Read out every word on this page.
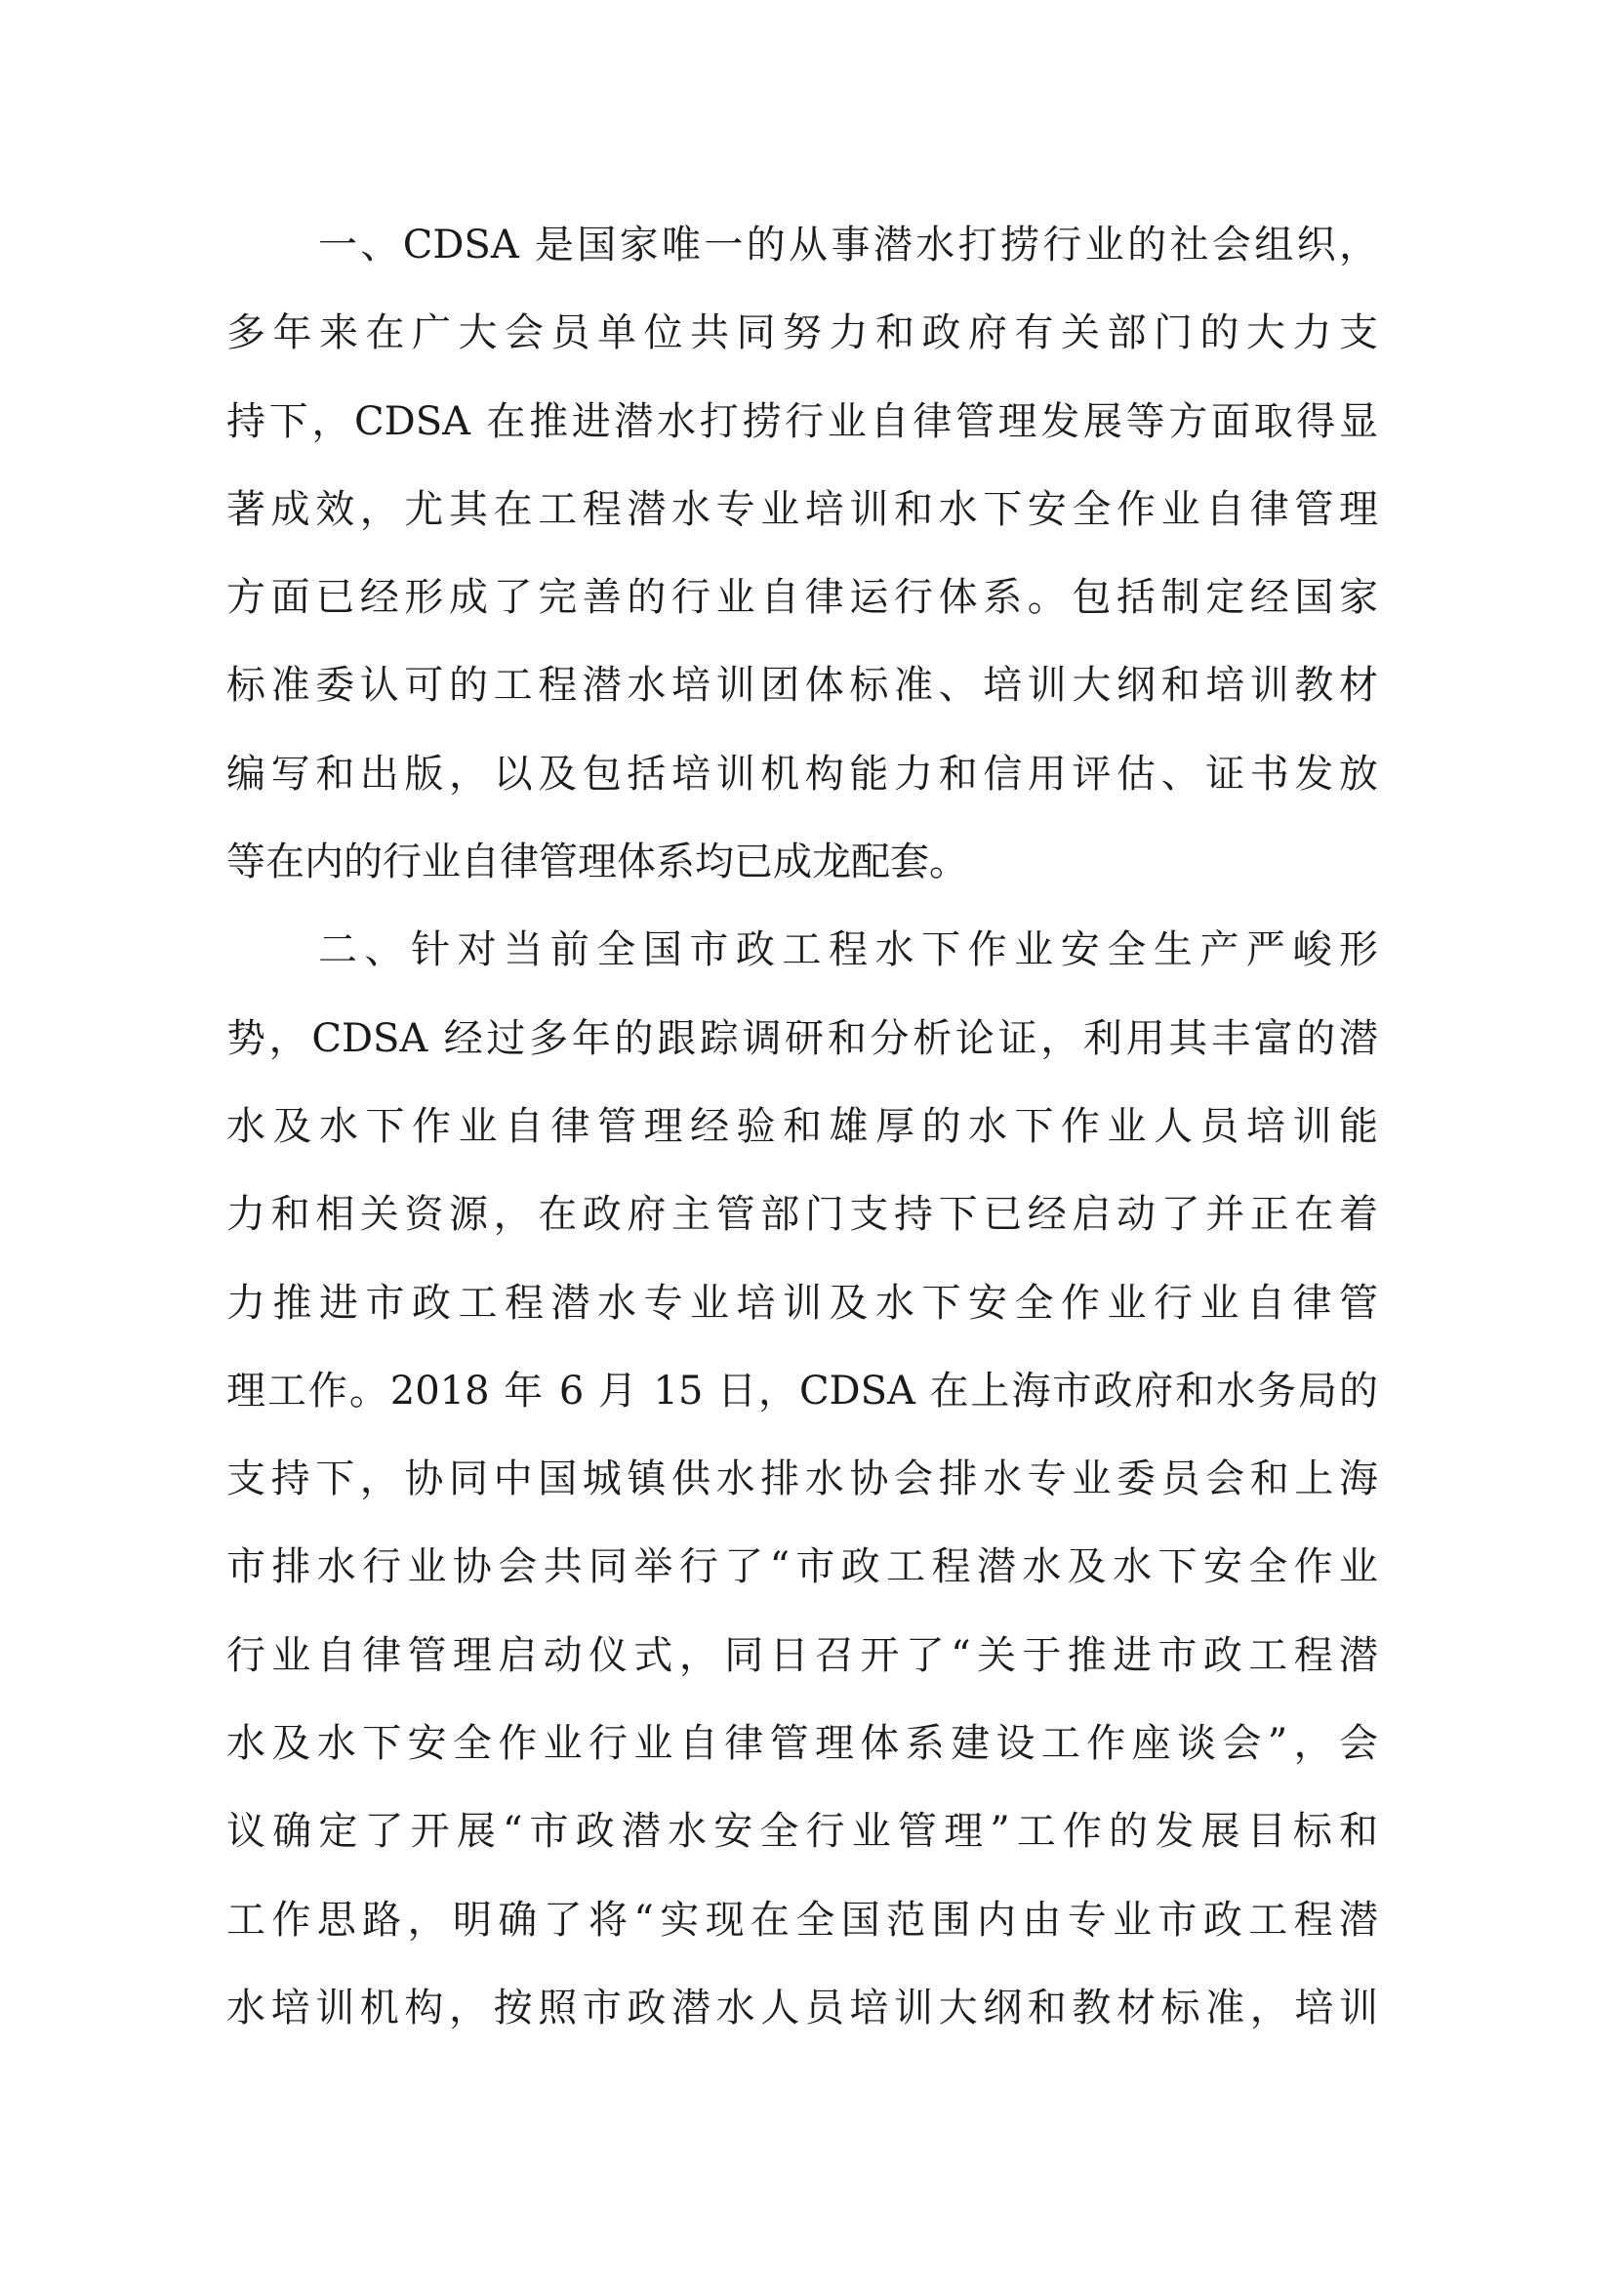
一、CDSA 是国家唯一的从事潜水打捞行业的社会组织，
多年来在广大会员单位共同努力和政府有关部门的大力支
持下，CDSA 在推进潜水打捞行业自律管理发展等方面取得显
著成效，尤其在工程潜水专业培训和水下安全作业自律管理
方面已经形成了完善的行业自律运行体系。包括制定经国家
标准委认可的工程潜水培训团体标准、培训大纲和培训教材
编写和出版，以及包括培训机构能力和信用评估、证书发放
等在内的行业自律管理体系均已成龙配套。
二、针对当前全国市政工程水下作业安全生产严峻形
势，CDSA 经过多年的跟踪调研和分析论证，利用其丰富的潜
水及水下作业自律管理经验和雄厚的水下作业人员培训能
力和相关资源，在政府主管部门支持下已经启动了并正在着
力推进市政工程潜水专业培训及水下安全作业行业自律管
理工作。2018 年 6 月 15 日，CDSA 在上海市政府和水务局的
支持下，协同中国城镇供水排水协会排水专业委员会和上海
市排水行业协会共同举行了“市政工程潜水及水下安全作业
行业自律管理启动仪式，同日召开了“关于推进市政工程潜
水及水下安全作业行业自律管理体系建设工作座谈会”，会
议确定了开展“市政潜水安全行业管理”工作的发展目标和
工作思路，明确了将“实现在全国范围内由专业市政工程潜
水培训机构，按照市政潜水人员培训大纲和教材标准，培训
